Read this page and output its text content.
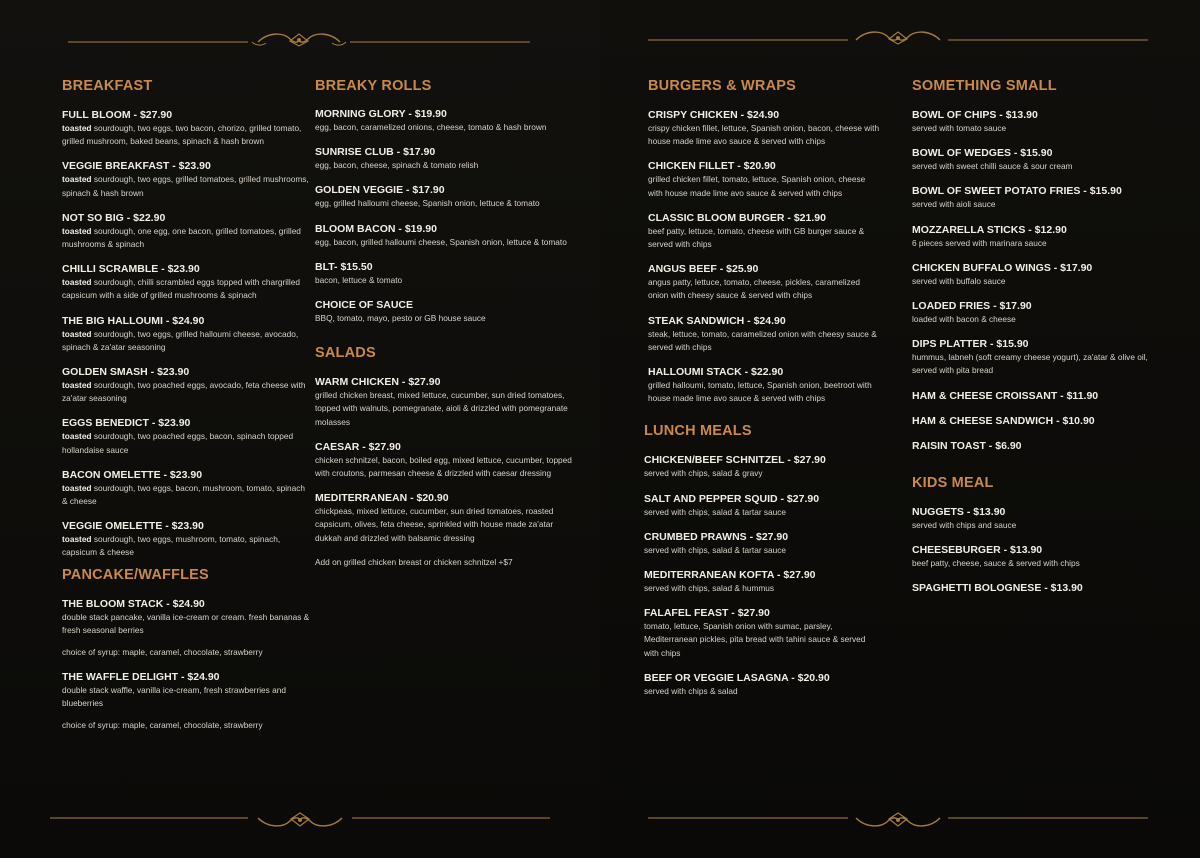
BREAKFAST
FULL BLOOM - $27.90
toasted sourdough, two eggs, two bacon, chorizo, grilled tomato, grilled mushroom, baked beans, spinach & hash brown
VEGGIE BREAKFAST - $23.90
toasted sourdough, two eggs, grilled tomatoes, grilled mushrooms, spinach & hash brown
NOT SO BIG - $22.90
toasted sourdough, one egg, one bacon, grilled tomatoes, grilled mushrooms & spinach
CHILLI SCRAMBLE - $23.90
toasted sourdough, chilli scrambled eggs topped with chargrilled capsicum with a side of grilled mushrooms & spinach
THE BIG HALLOUMI - $24.90
toasted sourdough, two eggs, grilled halloumi cheese, avocado, spinach & za'atar seasoning
GOLDEN SMASH - $23.90
toasted sourdough, two poached eggs, avocado, feta cheese with za'atar seasoning
EGGS BENEDICT - $23.90
toasted sourdough, two poached eggs, bacon, spinach topped hollandaise sauce
BACON OMELETTE - $23.90
toasted sourdough, two eggs, bacon, mushroom, tomato, spinach & cheese
VEGGIE OMELETTE - $23.90
toasted sourdough, two eggs, mushroom, tomato, spinach, capsicum & cheese
PANCAKE/WAFFLES
THE BLOOM STACK - $24.90
double stack pancake, vanilla ice-cream or cream. fresh bananas & fresh seasonal berries
choice of syrup: maple, caramel, chocolate, strawberry
THE WAFFLE DELIGHT - $24.90
double stack waffle, vanilla ice-cream, fresh strawberries and blueberries
choice of syrup: maple, caramel, chocolate, strawberry
BREAKY ROLLS
MORNING GLORY - $19.90
egg, bacon, caramelized onions, cheese, tomato & hash brown
SUNRISE CLUB - $17.90
egg, bacon, cheese, spinach & tomato relish
GOLDEN VEGGIE - $17.90
egg, grilled halloumi cheese, Spanish onion, lettuce & tomato
BLOOM BACON - $19.90
egg, bacon, grilled halloumi cheese, Spanish onion, lettuce & tomato
BLT- $15.50
bacon, lettuce & tomato
CHOICE OF SAUCE
BBQ, tomato, mayo, pesto or GB house sauce
SALADS
WARM CHICKEN - $27.90
grilled chicken breast, mixed lettuce, cucumber, sun dried tomatoes, topped with walnuts, pomegranate, aioli & drizzled with pomegranate molasses
CAESAR - $27.90
chicken schnitzel, bacon, boiled egg, mixed lettuce, cucumber, topped with croutons, parmesan cheese & drizzled with caesar dressing
MEDITERRANEAN - $20.90
chickpeas, mixed lettuce, cucumber, sun dried tomatoes, roasted capsicum, olives, feta cheese, sprinkled with house made za'atar dukkah and drizzled with balsamic dressing
Add on grilled chicken breast or chicken schnitzel +$7
BURGERS & WRAPS
CRISPY CHICKEN - $24.90
crispy chicken fillet, lettuce, Spanish onion, bacon, cheese with house made lime avo sauce & served with chips
CHICKEN FILLET - $20.90
grilled chicken fillet, tomato, lettuce, Spanish onion, cheese with house made lime avo sauce & served with chips
CLASSIC BLOOM BURGER - $21.90
beef patty, lettuce, tomato, cheese with GB burger sauce & served with chips
ANGUS BEEF - $25.90
angus patty, lettuce, tomato, cheese, pickles, caramelized onion with cheesy sauce & served with chips
STEAK SANDWICH - $24.90
steak, lettuce, tomato, caramelized onion with cheesy sauce & served with chips
HALLOUMI STACK - $22.90
grilled halloumi, tomato, lettuce, Spanish onion, beetroot with house made lime avo sauce & served with chips
LUNCH MEALS
CHICKEN/BEEF SCHNITZEL - $27.90
served with chips, salad & gravy
SALT AND PEPPER SQUID - $27.90
served with chips, salad & tartar sauce
CRUMBED PRAWNS - $27.90
served with chips, salad & tartar sauce
MEDITERRANEAN KOFTA - $27.90
served with chips, salad & hummus
FALAFEL FEAST - $27.90
tomato, lettuce, Spanish onion with sumac, parsley, Mediterranean pickles, pita bread with tahini sauce & served with chips
BEEF OR VEGGIE LASAGNA - $20.90
served with chips & salad
SOMETHING SMALL
BOWL OF CHIPS - $13.90
served with tomato sauce
BOWL OF WEDGES - $15.90
served with sweet chilli sauce & sour cream
BOWL OF SWEET POTATO FRIES - $15.90
served with aioli sauce
MOZZARELLA STICKS - $12.90
6 pieces served with marinara sauce
CHICKEN BUFFALO WINGS - $17.90
served with buffalo sauce
LOADED FRIES - $17.90
loaded with bacon & cheese
DIPS PLATTER - $15.90
hummus, labneh (soft creamy cheese yogurt), za'atar & olive oil, served with pita bread
HAM & CHEESE CROISSANT - $11.90
HAM & CHEESE SANDWICH - $10.90
RAISIN TOAST - $6.90
KIDS MEAL
NUGGETS - $13.90
served with chips and sauce
CHEESEBURGER - $13.90
beef patty, cheese, sauce & served with chips
SPAGHETTI BOLOGNESE - $13.90
